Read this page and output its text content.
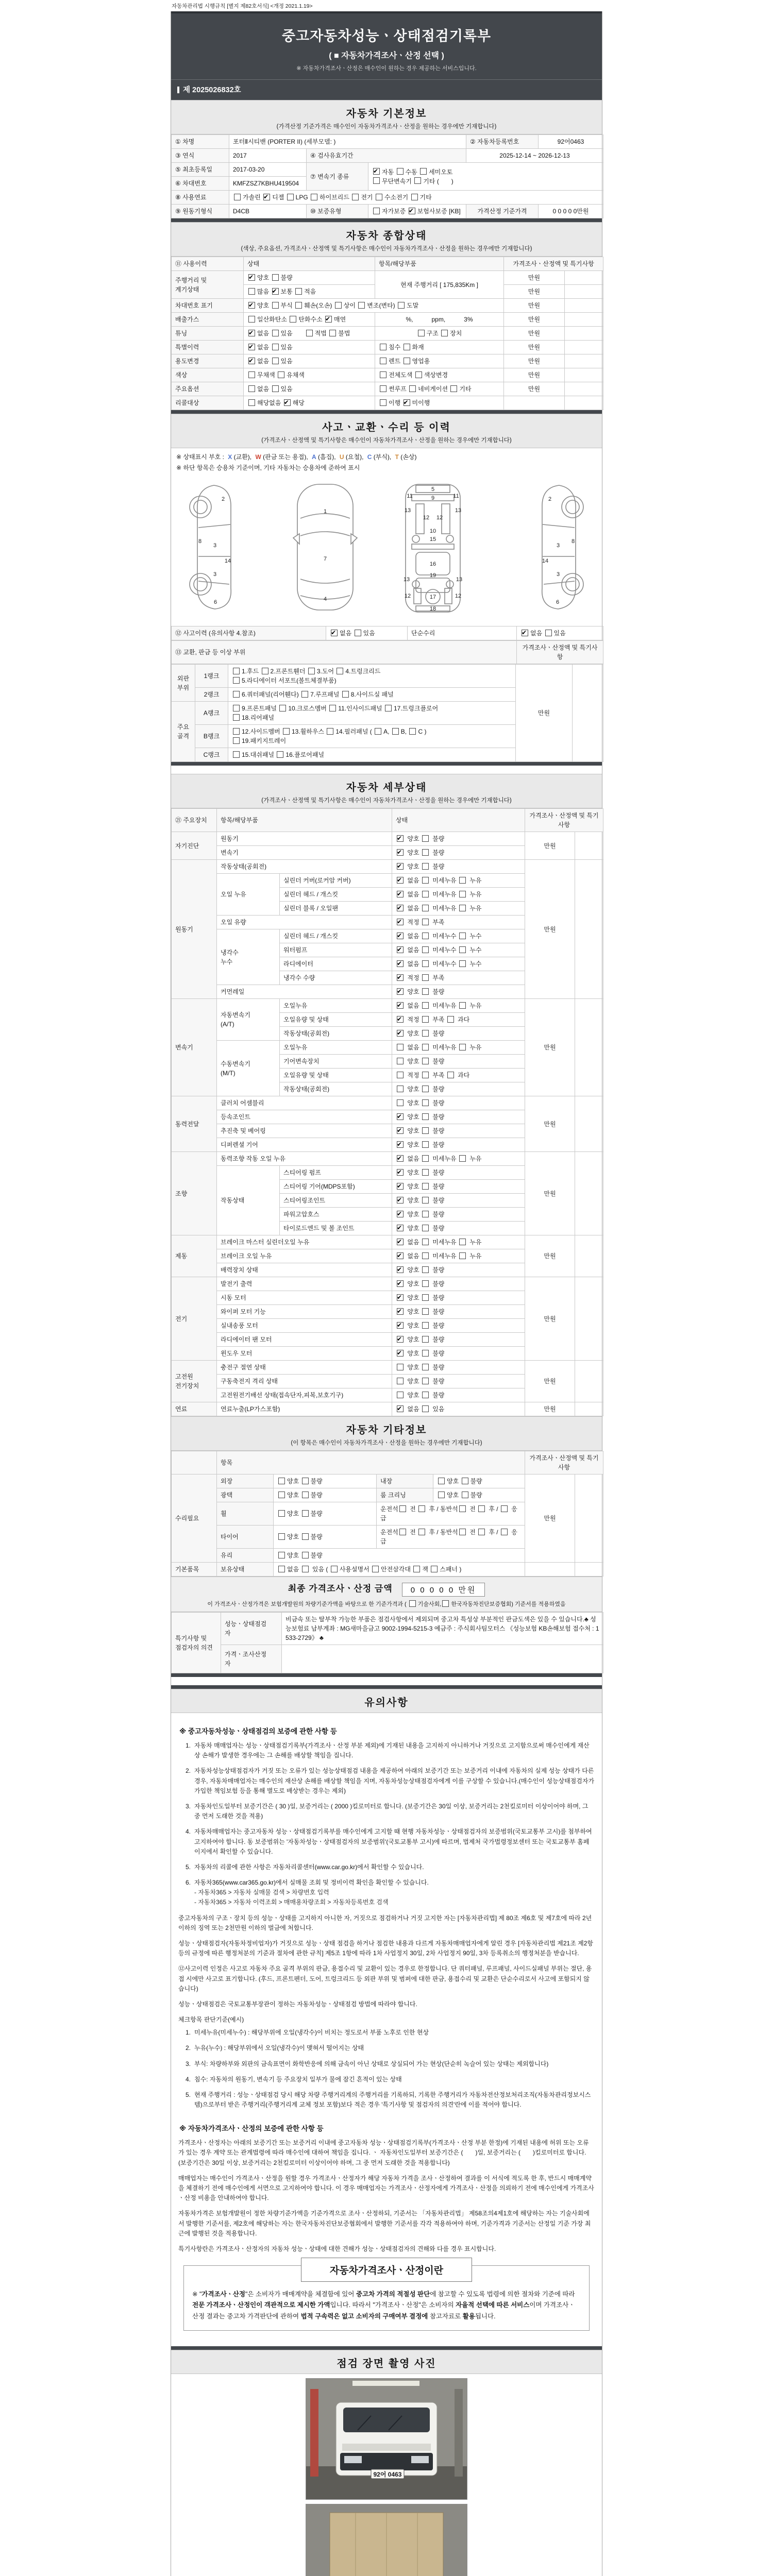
자동차관리법 시행규칙 [별지 제82호서식] <개정 2021.1.19>
중고자동차성능ㆍ상태점검기록부
( ■ 자동차가격조사ㆍ산정 선택 )
※ 자동차가격조사ㆍ산정은 매수인이 원하는 경우 제공하는 서비스입니다.
제 2025026832호
자동차 기본정보
(가격산정 기준가격은 매수인이 자동차가격조사ㆍ산정을 원하는 경우에만 기재합니다)
① 차명	포터Ⅱ시티밴 (PORTER II) (세부모델: )			② 자동차등록번호	92어0463
③ 연식	2017	④ 검사유효기간		2025-12-14 ~ 2026-12-13	
⑤ 최초등록일	2017-03-20	⑦ 변속기 종류	✔자동 수동 세미오토
무단변속기 기타 (　　)
⑥ 차대번호	KMFZSZ7KBHU419504				
⑧ 사용연료	가솔린 ✔디젤 LPG 하이브리드 전기 수소전기 기타
⑨ 원동기형식	D4CB	⑩ 보증유형	자가보증 ✔보험사보증 [KB]	가격산정 기준가격	0 0 0 0 0만원
자동차 종합상태
(색상, 주요옵션, 가격조사ㆍ산정액 및 특기사항은 매수인이 자동차가격조사ㆍ산정을 원하는 경우에만 기재합니다)
⑪ 사용이력	상태	항목/해당부품	가격조사ㆍ산정액 및 특기사항	
주행거리 및
계기상태	✔양호 불량	현재 주행거리 [ 175,835Km ]	만원	
	많음 ✔보통 적음		만원	
차대번호 표기	✔양호 부식 훼손(오손) 상이 변조(변타) 도말		만원	
배출가스	일산화탄소 탄화수소 ✔매연	%,　　　ppm,　　　3%	만원	
튜닝	✔없음 있음　　적법 불법	구조 장치	만원	
특별이력	✔없음 있음	침수 화재	만원	
용도변경	✔없음 있음	렌트 영업용	만원	
색상	무채색 유채색	전체도색 색상변경	만원	
주요옵션	없음 있음	썬루프 네비게이션 기타	만원	
리콜대상	해당없음 ✔해당	이행 ✔미이행		
사고ㆍ교환ㆍ수리 등 이력
(가격조사ㆍ산정액 및 특기사항은 매수인이 자동차가격조사ㆍ산정을 원하는 경우에만 기재합니다)
※ 상태표시 부호 : X (교환), W (판금 또는 용접), A (흠집), U (요철), C (부식), T (손상)
※ 하단 항목은 승용차 기준이며, 기타 자동차는 승용차에 준하여 표시
2
8
3
3
14
6
1
7
4
5
9
11	11
13	13
12 12
10
15
16
19
13	13
12	12
17
18
2
8
3
3
14
6
⑫ 사고이력 (유의사항 4.참조)	✔없음 있음	단순수리	✔없음 있음
⑬ 교환, 판금 등 이상 부위	가격조사ㆍ산정액 및 특기사항
외판
부위	1랭크	1.후드 2.프론트휀더 3.도어 4.트렁크리드
5.라디에이터 서포트(볼트체결부품)	만원	
	2랭크	6.쿼터패널(리어휀다) 7.루프패널 8.사이드실 패널		
주요
골격	A랭크	9.프론트패널 10.크로스멤버 11.인사이드패널 17.트렁크플로어
18.리어패널		
	B랭크	12.사이드멤버 13.휠하우스 14.필러패널 ( A, B, C )
19.패키지트레이		
	C랭크	15.대쉬패널 16.플로어패널		
자동차 세부상태
(가격조사ㆍ산정액 및 특기사항은 매수인이 자동차가격조사ㆍ산정을 원하는 경우에만 기재합니다)
㉑ 주요장치	항목/해당부품		상태	가격조사ㆍ산정액 및 특기사항	
자기진단	원동기	✔ 양호  불량	만원	
	변속기	✔ 양호  불량
원동기	작동상태(공회전)	✔ 양호  불량	만원	
	오일 누유	실린더 커버(로커암 커버)	✔ 없음  미세누유  누유
		실린더 헤드 / 개스킷	✔ 없음  미세누유  누유
		실린더 블록 / 오일팬	✔ 없음  미세누유  누유
	오일 유량	✔ 적정  부족
	냉각수
누수	실린더 헤드 / 개스킷	✔ 없음  미세누수  누수
		워터펌프	✔ 없음  미세누수  누수
		라디에이터	✔ 없음  미세누수  누수
		냉각수 수량	✔ 적정  부족
	커먼레일	✔ 양호  불량
변속기	자동변속기
(A/T)	오일누유	✔ 없음  미세누유  누유	만원	
		오일유량 및 상태	✔ 적정  부족  과다
		작동상태(공회전)	✔ 양호  불량
	수동변속기
(M/T)	오일누유	없음  미세누유  누유		
		기어변속장치	양호  불량		
		오일유량 및 상태	적정  부족  과다		
		작동상태(공회전)	양호  불량		
동력전달	클러치 어셈블리		양호  불량	만원	
	등속조인트	✔ 양호  불량
	추진축 및 베어링	✔ 양호  불량
	디퍼렌셜 기어	✔ 양호  불량
조향	동력조향 작동 오일 누유	✔ 없음  미세누유  누유	만원	
	작동상태	스티어링 펌프	✔ 양호  불량
		스티어링 기어(MDPS포함)	✔ 양호  불량
		스티어링조인트	✔ 양호  불량
		파워고압호스	✔ 양호  불량
		타이로드엔드 및 볼 조인트	✔ 양호  불량
제동	브레이크 마스터 실린더오일 누유	✔ 없음  미세누유  누유	만원	
	브레이크 오일 누유	✔ 없음  미세누유  누유
	배력장치 상태	✔ 양호  불량
전기	발전기 출력	✔ 양호  불량	만원	
	시동 모터	✔ 양호  불량
	와이퍼 모터 기능	✔ 양호  불량
	실내송풍 모터	✔ 양호  불량
	라디에이터 팬 모터	✔ 양호  불량
	윈도우 모터	✔ 양호  불량
고전원
전기장치	충전구 절연 상태		양호  불량	만원	
	구동축전지 격리 상태		양호  불량		
	고전원전기배선 상태(접속단자,피복,보호기구)		양호  불량		
연료	연료누출(LP가스포함)	✔ 없음  있음	만원	
자동차 기타정보
(이 항목은 매수인이 자동차가격조사ㆍ산정을 원하는 경우에만 기재합니다)
	항목				가격조사ㆍ산정액 및 특기사항	
수리필요	외장	양호 불량	내장	양호 불량	만원	
	광택	양호 불량	룸 크리닝	양호 불량		
	휠	양호 불량	운전석 전  후 / 동반석 전  후 /  응급			
	타이어	양호 불량	운전석 전  후 / 동반석 전  후 /  응급			
	유리	양호 불량				
기본품목	보유상태	없음  있음 ( 사용설명서 안전삼각대 잭 스패너 )				
최종 가격조사ㆍ산정 금액 0 0 0 0 0 만원
이 가격조사ㆍ산정가격은 보험개발원의 차량기준가액을 바탕으로 한 기준가격과 ( 기술사회, 한국자동차진단보증협회) 기준서를 적용하였음
특기사항 및
점검자의 의견	성능ㆍ상태점검
자	비금속 또는 탈부착 가능한 부품은 점검사항에서 제외되며 중고차 특성상 부분적인 판금도색은 있을 수 있습니다.♣ 성능보험료 납부계좌 : MG새마을금고 9002-1994-5215-3 예금주 : 주식회사팀모터스 《성능보험 KB손해보험 접수처 : 1533-2729》 ♣
	가격ㆍ조사산정
자	
유의사항
※ 중고자동차성능ㆍ상태점검의 보증에 관한 사항 등
1. 자동차 매매업자는 성능ㆍ상태점검기록부(가격조사ㆍ산정 부분 제외)에 기재된 내용을 고지하지 아니하거나 거짓으로 고지함으로써 매수인에게 재산상 손해가 발생한 경우에는 그 손해를 배상할 책임을 집니다.
2. 자동차성능상태점검자가 거짓 또는 오류가 있는 성능상태점검 내용을 제공하여 아래의 보증기간 또는 보증거리 이내에 자동차의 실제 성능 상태가 다른 경우, 자동차매매업자는 매수인의 재산상 손해를 배상할 책임을 지며, 자동차성능상태점검자에게 이를 구상할 수 있습니다.(매수인이 성능상태점검자가 가입한 책임보험 등을 통해 별도로 배상받는 경우는 제외)
3. 자동차인도일부터 보증기간은 ( 30 )일, 보증거리는 ( 2000 )킬로미터로 합니다. (보증기간은 30일 이상, 보증거리는 2천킬로미터 이상이어야 하며, 그 중 먼저 도래한 것을 적용)
4. 자동차매매업자는 중고자동차 성능ㆍ상태점검기록부를 매수인에게 고지할 때 현행 자동차성능ㆍ상태점검자의 보증범위(국토교통부 고시)를 첨부하여 고지하여야 합니다. 동 보증범위는 '자동차성능ㆍ상태점검자의 보증범위'(국토교통부 고시)에 따르며, 법제처 국가법령정보센터 또는 국토교통부 홈페이지에서 확인할 수 있습니다.
5. 자동차의 리콜에 관한 사항은 자동차리콜센터(www.car.go.kr)에서 확인할 수 있습니다.
6. 자동차365(www.car365.go.kr)에서 실매물 조회 및 정비이력 확인을 확인할 수 있습니다.
- 자동차365 > 자동차 실매물 검색 > 차량번호 입력
- 자동차365 > 자동차 이력조회 > 매매용차량조회 > 자동차등록번호 검색
중고자동차의 구조ㆍ장치 등의 성능ㆍ상태를 고지하지 아니한 자, 거짓으로 점검하거나 거짓 고지한 자는 [자동차관리법] 제 80조 제6호 및 제7호에 따라 2년 이하의 징역 또는 2천만원 이하의 벌금에 처합니다.
성능ㆍ상태점검자(자동차정비업자)가 거짓으로 성능ㆍ상태 점검을 하거나 점검한 내용과 다르게 자동차매매업자에게 알린 경우 [자동차관리법 제21조 제2항 등의 규정에 따른 행정처분의 기준과 절차에 관한 규칙] 제5조 1항에 따라 1차 사업정지 30일, 2차 사업정지 90일, 3차 등록취소의 행정처분을 받습니다.
⑫사고이력 인정은 사고로 자동차 주요 골격 부위의 판금, 용접수리 및 교환이 있는 경우로 한정합니다. 단 쿼터패널, 루프패널, 사이드실패널 부위는 절단, 용접 시에만 사고로 표기합니다. (후드, 프론트펜더, 도어, 트렁크리드 등 외판 부위 및 범퍼에 대한 판금, 용접수리 및 교환은 단순수리로서 사고에 포함되지 않습니다)
성능ㆍ상태점검은 국토교통부장관이 정하는 자동차성능ㆍ상태점검 방법에 따라야 합니다.
체크항목 판단기준(예시)
1. 미세누유(미세누수) : 해당부위에 오일(냉각수)이 비치는 정도로서 부품 노후로 인한 현상
2. 누유(누수) : 해당부위에서 오일(냉각수)이 맺혀서 떨어지는 상태
3. 부식: 차량하부와 외판의 금속표면이 화학반응에 의해 금속이 아닌 상태로 상실되어 가는 현상(단순히 녹슬어 있는 상태는 제외합니다)
4. 침수: 자동차의 원동기, 변속기 등 주요장치 일부가 물에 잠긴 흔적이 있는 상태
5. 현재 주행거리 : 성능ㆍ상태점검 당시 해당 차량 주행거리계의 주행거리를 기록하되, 기록한 주행거리가 자동차전산정보처리조직(자동차관리정보시스템)으로부터 받은 주행거리(주행거리계 교체 정보 포함)보다 적은 경우 '특기사항 및 점검자의 의견'란에 이를 적어야 합니다.
※ 자동차가격조사ㆍ산정의 보증에 관한 사항 등
가격조사ㆍ산정자는 아래의 보증기간 또는 보증거리 이내에 중고자동차 성능ㆍ상태점검기록부(가격조사ㆍ산정 부분 한정)에 기재된 내용에 허위 또는 오류가 있는 경우 계약 또는 관계법령에 따라 매수인에 대하여 책임을 집니다. ㆍ 자동차인도일부터 보증기간은 (　　)일, 보증거리는 (　　)킬로미터로 합니다. (보증기간은 30일 이상, 보증거리는 2천킬로미터 이상이어야 하며, 그 중 먼저 도래한 것을 적용합니다)
매매업자는 매수인이 가격조사ㆍ산정을 원할 경우 가격조사ㆍ산정자가 해당 자동차 가격을 조사ㆍ산정하여 결과를 이 서식에 적도록 한 후, 반드시 매매계약을 체결하기 전에 매수인에게 서면으로 고지하여야 합니다. 이 경우 매매업자는 가격조사ㆍ산정자에게 가격조사ㆍ산정을 의뢰하기 전에 매수인에게 가격조사ㆍ산정 비용을 안내하여야 합니다.
자동차가격은 보험개발원이 정한 차량기준가액을 기준가격으로 조사ㆍ산정하되, 기준서는 「자동차관리법」 제58조의4제1호에 해당하는 자는 기술사회에서 발행한 기준서를, 제2호에 해당하는 자는 한국자동차진단보증협회에서 발행한 기준서를 각각 적용하여야 하며, 기준가격과 기준서는 산정일 기준 가장 최근에 발행된 것을 적용합니다.
특기사항란은 가격조사ㆍ산정자의 자동차 성능ㆍ상태에 대한 견해가 성능ㆍ상태점검자의 견해와 다를 경우 표시합니다.
자동차가격조사ㆍ산정이란
※ "가격조사ㆍ산정"은 소비자가 매매계약을 체결함에 있어 중고차 가격의 적절성 판단에 참고할 수 있도록 법령에 의한 절차와 기준에 따라 전문 가격조사ㆍ산정인이 객관적으로 제시한 가액입니다. 따라서 "가격조사ㆍ산정"은 소비자의 자율적 선택에 따른 서비스이며 가격조사ㆍ산정 결과는 중고차 가격판단에 관하여 법적 구속력은 없고 소비자의 구매여부 결정에 참고자료로 활용됩니다.
점검 장면 촬영 사진
92어 0463
